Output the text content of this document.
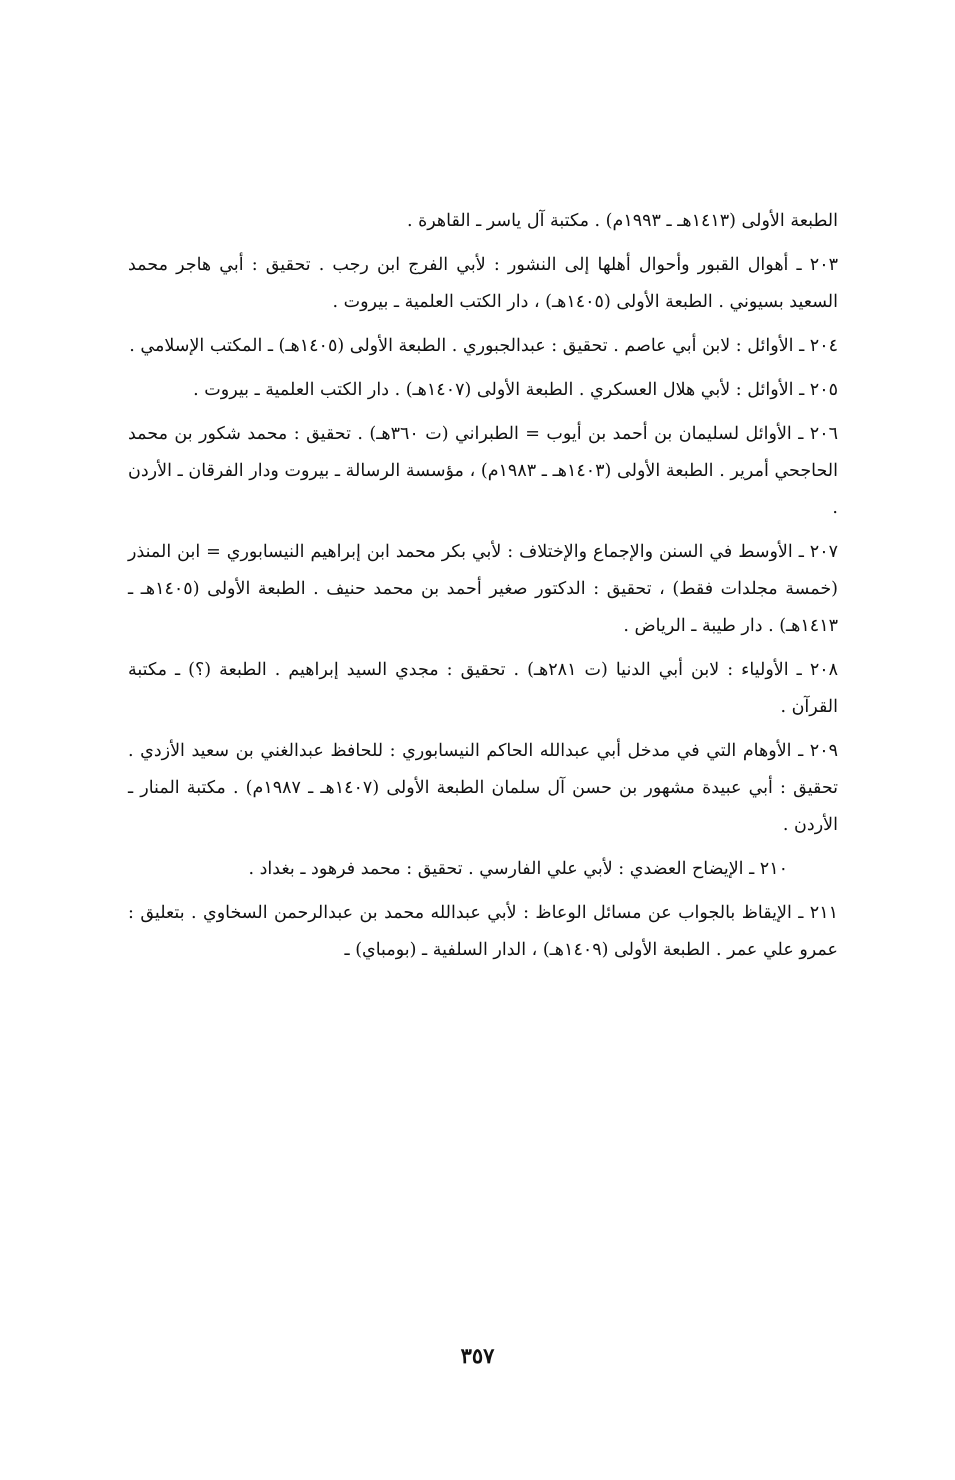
الطبعة الأولى (١٤١٣هـ ـ ١٩٩٣م) . مكتبة آل ياسر ـ القاهرة .

٢٠٣ ـ أهوال القبور وأحوال أهلها إلى النشور : لأبي الفرج ابن رجب . تحقيق : أبي هاجر محمد السعيد بسيوني . الطبعة الأولى (١٤٠٥هـ) ، دار الكتب العلمية ـ بيروت .

٢٠٤ ـ الأوائل : لابن أبي عاصم . تحقيق : عبدالجبوري . الطبعة الأولى (١٤٠٥هـ) ـ المكتب الإسلامي .

٢٠٥ ـ الأوائل : لأبي هلال العسكري . الطبعة الأولى (١٤٠٧هـ) . دار الكتب العلمية ـ بيروت .

٢٠٦ ـ الأوائل لسليمان بن أحمد بن أيوب = الطبراني (ت ٣٦٠هـ) . تحقيق : محمد شكور بن محمد الحاجحي أمرير . الطبعة الأولى (١٤٠٣هـ ـ ١٩٨٣م) ، مؤسسة الرسالة ـ بيروت ودار الفرقان ـ الأردن .

٢٠٧ ـ الأوسط في السنن والإجماع والإختلاف : لأبي بكر محمد ابن إبراهيم النيسابوري = ابن المنذر (خمسة مجلدات فقط) ، تحقيق : الدكتور صغير أحمد بن محمد حنيف . الطبعة الأولى (١٤٠٥هـ ـ ١٤١٣هـ) . دار طيبة ـ الرياض .

٢٠٨ ـ الأولياء : لابن أبي الدنيا (ت ٢٨١هـ) . تحقيق : مجدي السيد إبراهيم . الطبعة (؟) ـ مكتبة القرآن .

٢٠٩ ـ الأوهام التي في مدخل أبي عبدالله الحاكم النيسابوري : للحافظ عبدالغني بن سعيد الأزدي . تحقيق : أبي عبيدة مشهور بن حسن آل سلمان الطبعة الأولى (١٤٠٧هـ ـ ١٩٨٧م) . مكتبة المنار ـ الأردن .

٢١٠ ـ الإيضاح العضدي : لأبي علي الفارسي . تحقيق : محمد فرهود ـ بغداد .

٢١١ ـ الإيقاظ بالجواب عن مسائل الوعاظ : لأبي عبدالله محمد بن عبدالرحمن السخاوي . بتعليق : عمرو علي عمر . الطبعة الأولى (١٤٠٩هـ) ، الدار السلفية ـ (بومباي) ـ

٣٥٧
